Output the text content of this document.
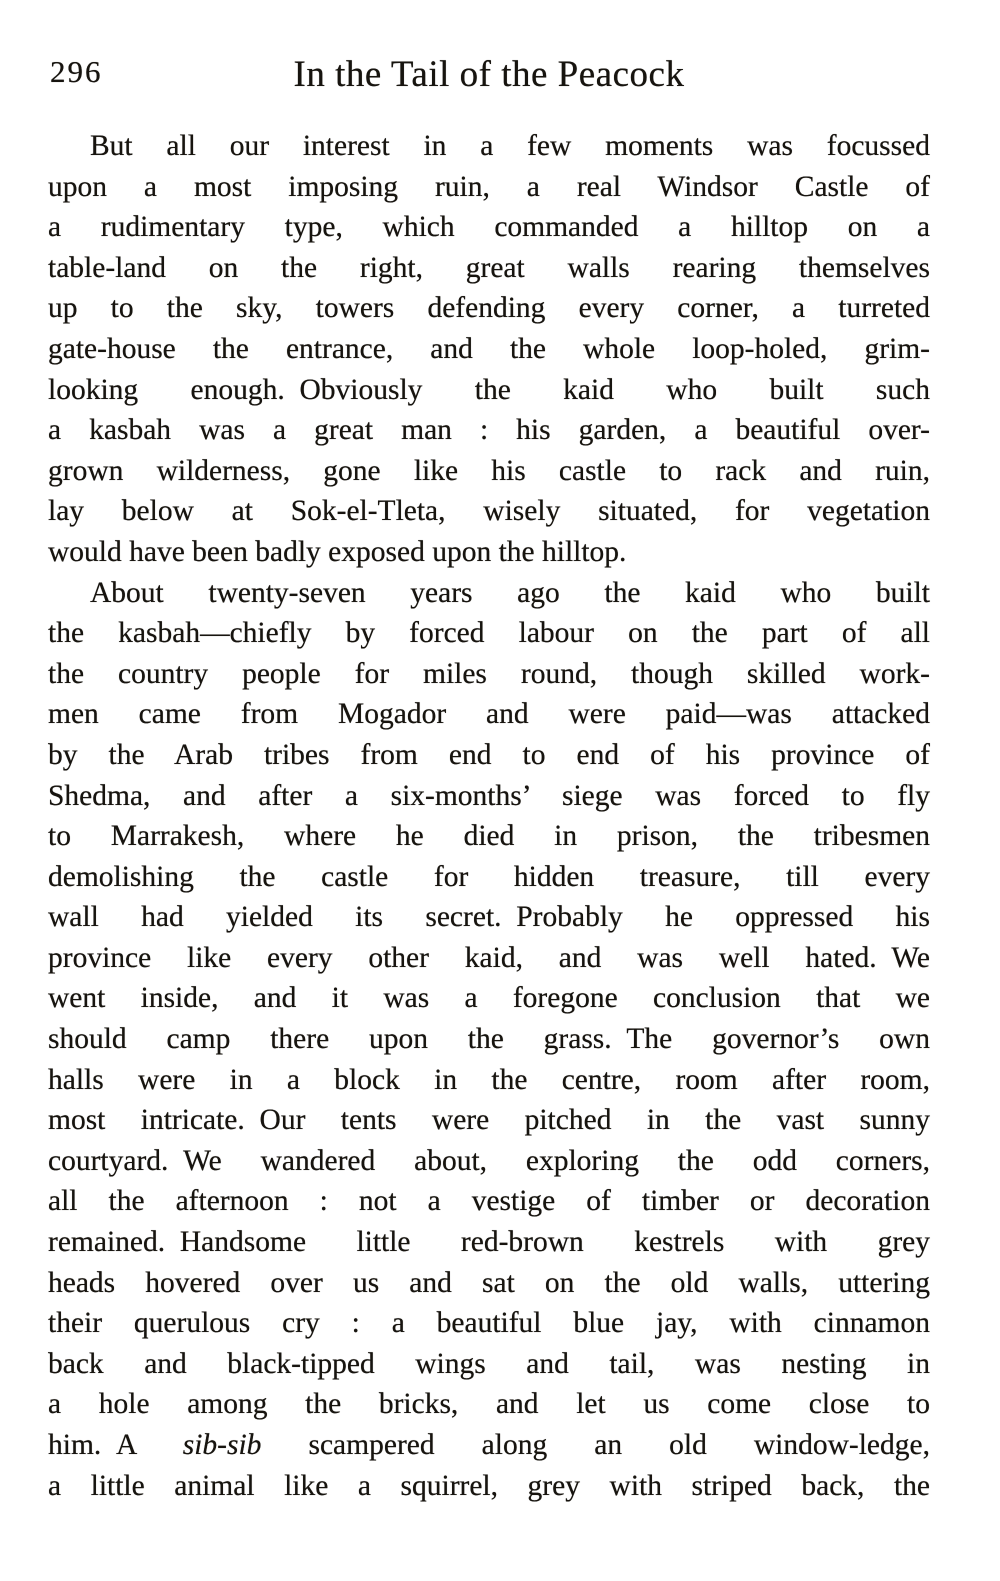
296	In the Tail of the Peacock

But all our interest in a few moments was focussed
upon a most imposing ruin, a real Windsor Castle of
a rudimentary type, which commanded a hilltop on a
table-land on the right, great walls rearing themselves
up to the sky, towers defending every corner, a turreted
gate-house the entrance, and the whole loop-holed, grim-
looking enough. Obviously the kaid who built such
a kasbah was a great man : his garden, a beautiful over-
grown wilderness, gone like his castle to rack and ruin,
lay below at Sok-el-Tleta, wisely situated, for vegetation
would have been badly exposed upon the hilltop.

About twenty-seven years ago the kaid who built
the kasbah—chiefly by forced labour on the part of all
the country people for miles round, though skilled work-
men came from Mogador and were paid—was attacked
by the Arab tribes from end to end of his province of
Shedma, and after a six-months’ siege was forced to fly
to Marrakesh, where he died in prison, the tribesmen
demolishing the castle for hidden treasure, till every
wall had yielded its secret. Probably he oppressed his
province like every other kaid, and was well hated. We
went inside, and it was a foregone conclusion that we
should camp there upon the grass. The governor’s own
halls were in a block in the centre, room after room,
most intricate. Our tents were pitched in the vast sunny
courtyard. We wandered about, exploring the odd corners,
all the afternoon : not a vestige of timber or decoration
remained. Handsome little red-brown kestrels with grey
heads hovered over us and sat on the old walls, uttering
their querulous cry : a beautiful blue jay, with cinnamon
back and black-tipped wings and tail, was nesting in
a hole among the bricks, and let us come close to
him. A sib-sib scampered along an old window-ledge,
a little animal like a squirrel, grey with striped back, the
